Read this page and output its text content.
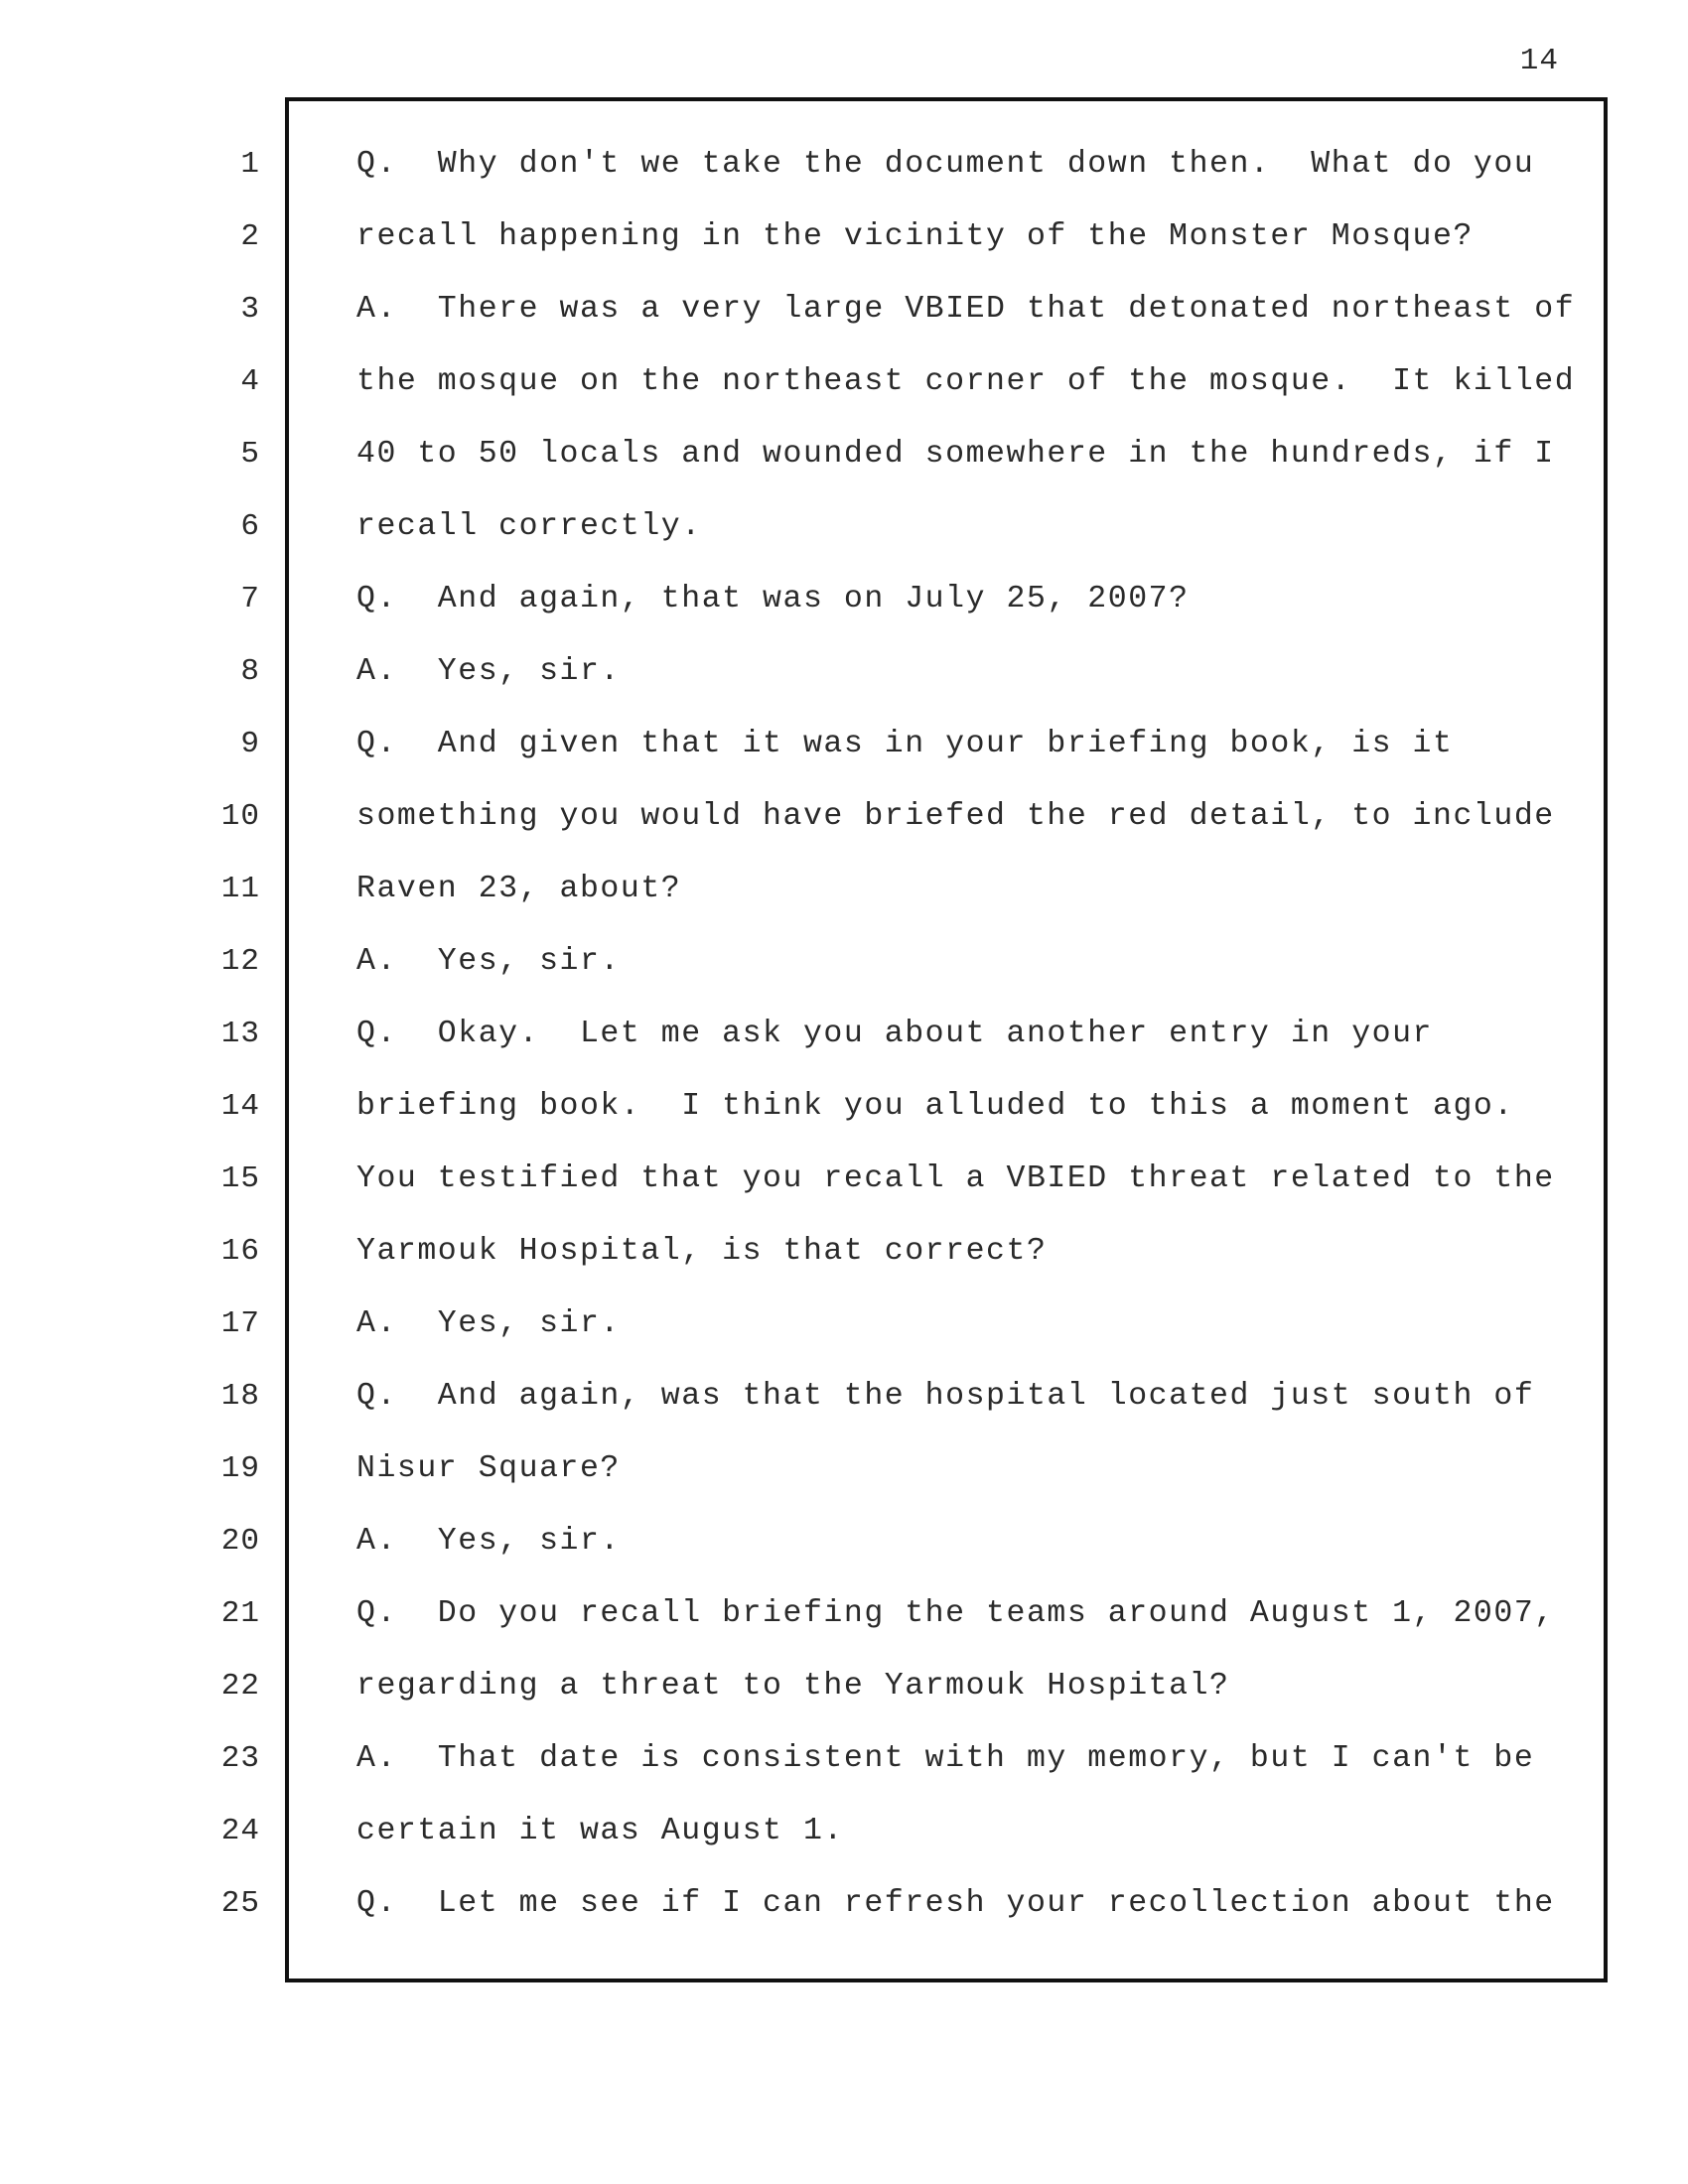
14
1
2
3
4
5
6
7
8
9
10
11
12
13
14
15
16
17
18
19
20
21
22
23
24
25
Q.  Why don't we take the document down then.  What do you
recall happening in the vicinity of the Monster Mosque?
A.  There was a very large VBIED that detonated northeast of
the mosque on the northeast corner of the mosque.  It killed
40 to 50 locals and wounded somewhere in the hundreds, if I
recall correctly.
Q.  And again, that was on July 25, 2007?
A.  Yes, sir.
Q.  And given that it was in your briefing book, is it
something you would have briefed the red detail, to include
Raven 23, about?
A.  Yes, sir.
Q.  Okay.  Let me ask you about another entry in your
briefing book.  I think you alluded to this a moment ago.
You testified that you recall a VBIED threat related to the
Yarmouk Hospital, is that correct?
A.  Yes, sir.
Q.  And again, was that the hospital located just south of
Nisur Square?
A.  Yes, sir.
Q.  Do you recall briefing the teams around August 1, 2007,
regarding a threat to the Yarmouk Hospital?
A.  That date is consistent with my memory, but I can't be
certain it was August 1.
Q.  Let me see if I can refresh your recollection about the
